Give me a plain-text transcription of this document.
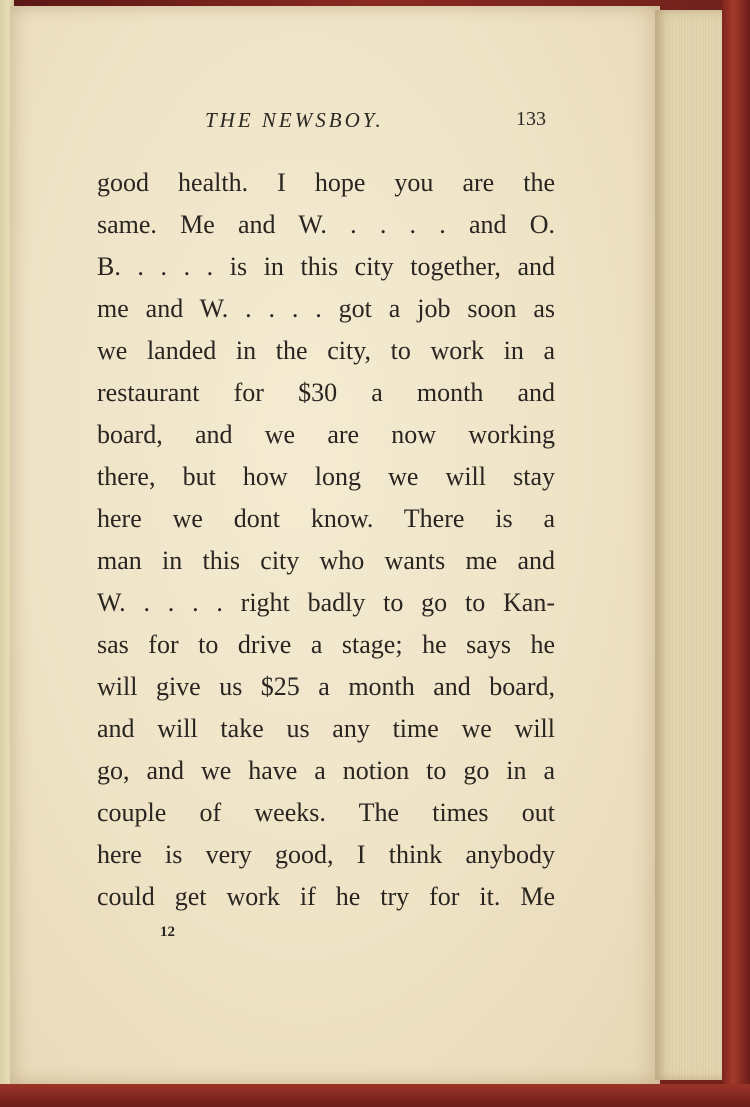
THE NEWSBOY.	133
good health. I hope you are the
same. Me and W. . . . . and O.
B. . . . . is in this city together, and
me and W. . . . . got a job soon as
we landed in the city, to work in a
restaurant for $30 a month and
board, and we are now working
there, but how long we will stay
here we dont know. There is a
man in this city who wants me and
W. . . . . right badly to go to Kan-
sas for to drive a stage; he says he
will give us $25 a month and board,
and will take us any time we will
go, and we have a notion to go in a
couple of weeks. The times out
here is very good, I think anybody
could get work if he try for it. Me
12
